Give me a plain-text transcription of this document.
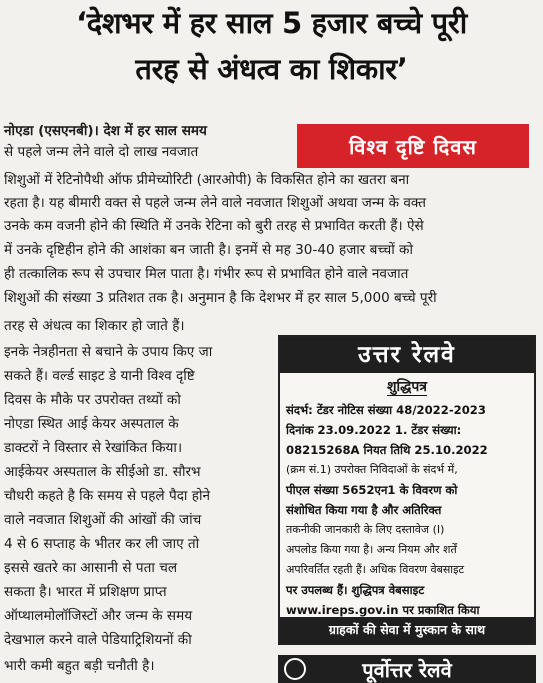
‘देशभर में हर साल 5 हजार बच्चे पूरी
तरह से अंधत्व का शिकार’
विश्व दृष्टि दिवस
नोएडा (एसएनबी)। देश में हर साल समय
से पहले जन्म लेने वाले दो लाख नवजात
शिशुओं में रेटिनोपैथी ऑफ प्रीमेच्योरिटी (आरओपी) के विकसित होने का खतरा बना
रहता है। यह बीमारी वक्त से पहले जन्म लेने वाले नवजात शिशुओं अथवा जन्म के वक्त
उनके कम वजनी होने की स्थिति में उनके रेटिना को बुरी तरह से प्रभावित करती हैं। ऐसे
में उनके दृष्टिहीन होने की आशंका बन जाती है। इनमें से मह 30-40 हजार बच्चों को
ही तत्कालिक रूप से उपचार मिल पाता है। गंभीर रूप से प्रभावित होने वाले नवजात
शिशुओं की संख्या 3 प्रतिशत तक है। अनुमान है कि देशभर में हर साल 5,000 बच्चे पूरी
तरह से अंधत्व का शिकार हो जाते हैं।
इनके नेत्रहीनता से बचाने के उपाय किए जा
सकते हैं। वर्ल्ड साइट डे यानी विश्व दृष्टि
दिवस के मौके पर उपरोक्त तथ्यों को
नोएडा स्थित आई केयर अस्पताल के
डाक्टरों ने विस्तार से रेखांकित किया।
आईकेयर अस्पताल के सीईओ डा. सौरभ
चौधरी कहते है कि समय से पहले पैदा होने
वाले नवजात शिशुओं की आंखों की जांच
4 से 6 सप्ताह के भीतर कर ली जाए तो
इससे खतरे का आसानी से पता चल
सकता है। भारत में प्रशिक्षण प्राप्त
ऑप्थालमोलॉजिस्टों और जन्म के समय
देखभाल करने वाले पेडियाट्रिशियनों की
भारी कमी बहुत बड़ी चनौती है।
उत्तर रेलवे
शुद्धिपत्र
संदर्भ: टेंडर नोटिस संख्या 48/2022-2023
दिनांक 23.09.2022 1. टेंडर संख्या:
08215268A नियत तिथि 25.10.2022
(क्रम सं.1) उपरोक्त निविदाओं के संदर्भ में,
पीएल संख्या 5652एन1 के विवरण को
संशोधित किया गया है और अतिरिक्त
तकनीकी जानकारी के लिए दस्तावेज (I)
अपलोड किया गया है। अन्य नियम और शर्तें
अपरिवर्तित रहती हैं। अधिक विवरण वेबसाइट
पर उपलब्ध हैं। शुद्धिपत्र वेबसाइट
www.ireps.gov.in पर प्रकाशित किया
ग्राहकों की सेवा में मुस्कान के साथ
पूर्वोत्तर रेलवे
